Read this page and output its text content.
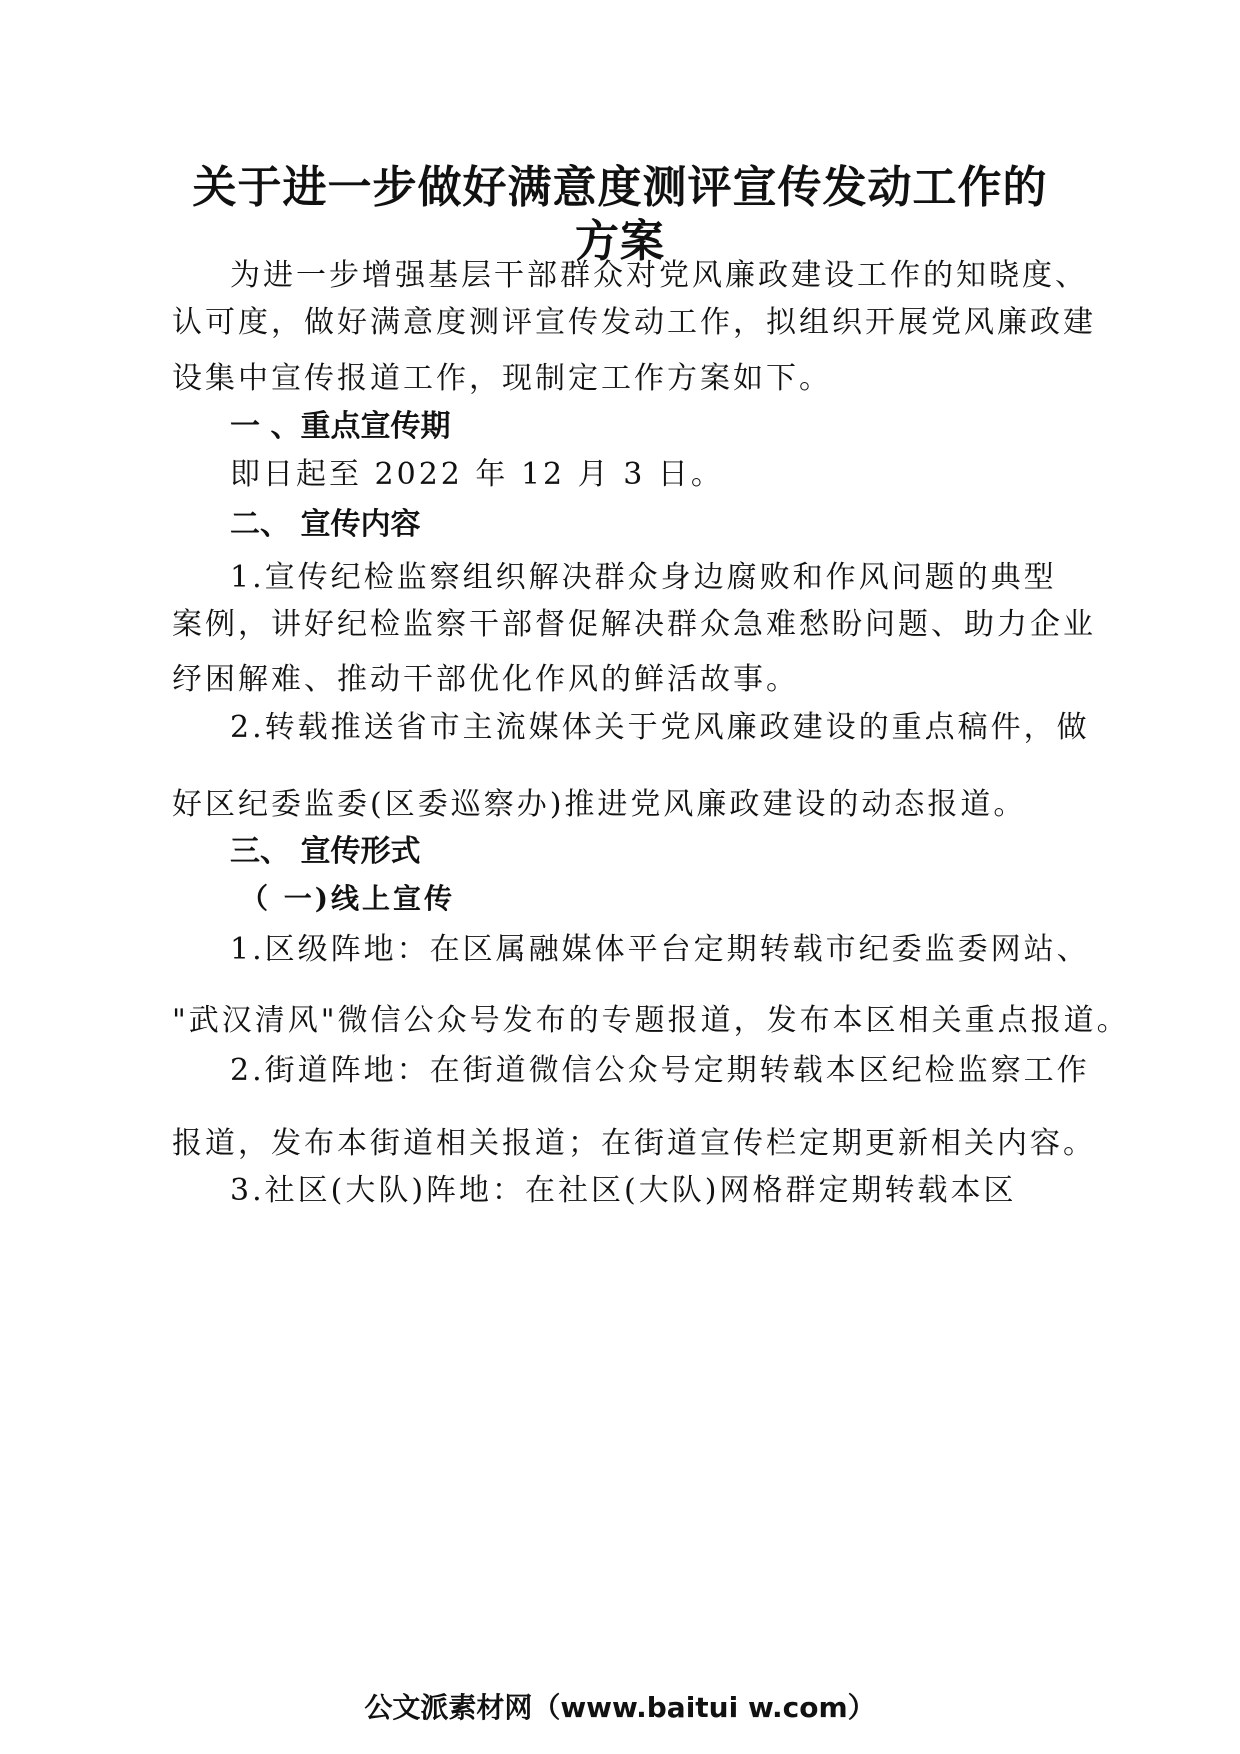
关于进一步做好满意度测评宣传发动工作的
方案

为进一步增强基层干部群众对党风廉政建设工作的知晓度、

认可度，做好满意度测评宣传发动工作，拟组织开展党风廉政建

设集中宣传报道工作，现制定工作方案如下。

一 、重点宣传期

即日起至 2022 年 12 月 3 日。

二、 宣传内容

1.宣传纪检监察组织解决群众身边腐败和作风问题的典型

案例，讲好纪检监察干部督促解决群众急难愁盼问题、助力企业

纾困解难、推动干部优化作风的鲜活故事。

2.转载推送省市主流媒体关于党风廉政建设的重点稿件，做

好区纪委监委(区委巡察办)推进党风廉政建设的动态报道。

三、 宣传形式

（ 一)线上宣传

1.区级阵地：在区属融媒体平台定期转载市纪委监委网站、

"武汉清风"微信公众号发布的专题报道，发布本区相关重点报道。

2.街道阵地：在街道微信公众号定期转载本区纪检监察工作

报道，发布本街道相关报道；在街道宣传栏定期更新相关内容。

3.社区(大队)阵地：在社区(大队)网格群定期转载本区

公文派素材网（www.baitui w.com）
